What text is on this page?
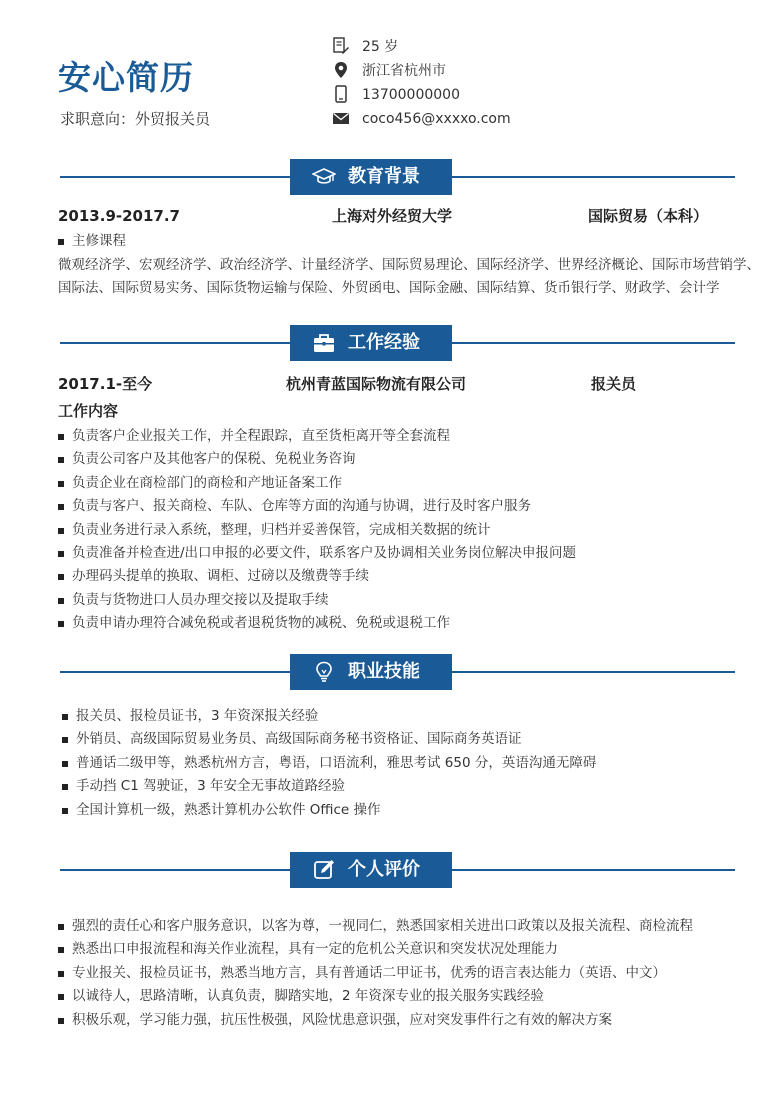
安心简历
求职意向：外贸报关员
25 岁
浙江省杭州市
13700000000
coco456@xxxxo.com
教育背景
2013.9-2017.7	上海对外经贸大学	国际贸易（本科）
主修课程
微观经济学、宏观经济学、政治经济学、计量经济学、国际贸易理论、国际经济学、世界经济概论、国际市场营销学、
国际法、国际贸易实务、国际货物运输与保险、外贸函电、国际金融、国际结算、货币银行学、财政学、会计学
工作经验
2017.1-至今	杭州青蓝国际物流有限公司	报关员
工作内容
负责客户企业报关工作，并全程跟踪，直至货柜离开等全套流程
负责公司客户及其他客户的保税、免税业务咨询
负责企业在商检部门的商检和产地证备案工作
负责与客户、报关商检、车队、仓库等方面的沟通与协调，进行及时客户服务
负责业务进行录入系统，整理，归档并妥善保管，完成相关数据的统计
负责准备并检查进/出口申报的必要文件，联系客户及协调相关业务岗位解决申报问题
办理码头提单的换取、调柜、过磅以及缴费等手续
负责与货物进口人员办理交接以及提取手续
负责申请办理符合减免税或者退税货物的减税、免税或退税工作
职业技能
报关员、报检员证书，3 年资深报关经验
外销员、高级国际贸易业务员、高级国际商务秘书资格证、国际商务英语证
普通话二级甲等，熟悉杭州方言，粤语，口语流利，雅思考试 650 分，英语沟通无障碍
手动挡 C1 驾驶证，3 年安全无事故道路经验
全国计算机一级，熟悉计算机办公软件 Office 操作
个人评价
强烈的责任心和客户服务意识，以客为尊，一视同仁，熟悉国家相关进出口政策以及报关流程、商检流程
熟悉出口申报流程和海关作业流程，具有一定的危机公关意识和突发状况处理能力
专业报关、报检员证书，熟悉当地方言，具有普通话二甲证书，优秀的语言表达能力（英语、中文）
以诚待人，思路清晰，认真负责，脚踏实地，2 年资深专业的报关服务实践经验
积极乐观，学习能力强，抗压性极强，风险忧患意识强，应对突发事件行之有效的解决方案
